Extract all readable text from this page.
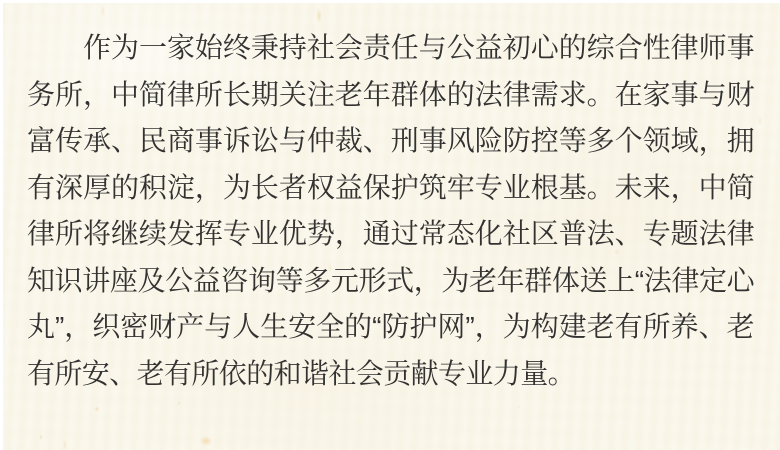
作为一家始终秉持社会责任与公益初心的综合性律师事务所，中简律所长期关注老年群体的法律需求。在家事与财富传承、民商事诉讼与仲裁、刑事风险防控等多个领域，拥有深厚的积淀，为长者权益保护筑牢专业根基。未来，中简律所将继续发挥专业优势，通过常态化社区普法、专题法律知识讲座及公益咨询等多元形式，为老年群体送上“法律定心丸”，织密财产与人生安全的“防护网”，为构建老有所养、老有所安、老有所依的和谐社会贡献专业力量。
